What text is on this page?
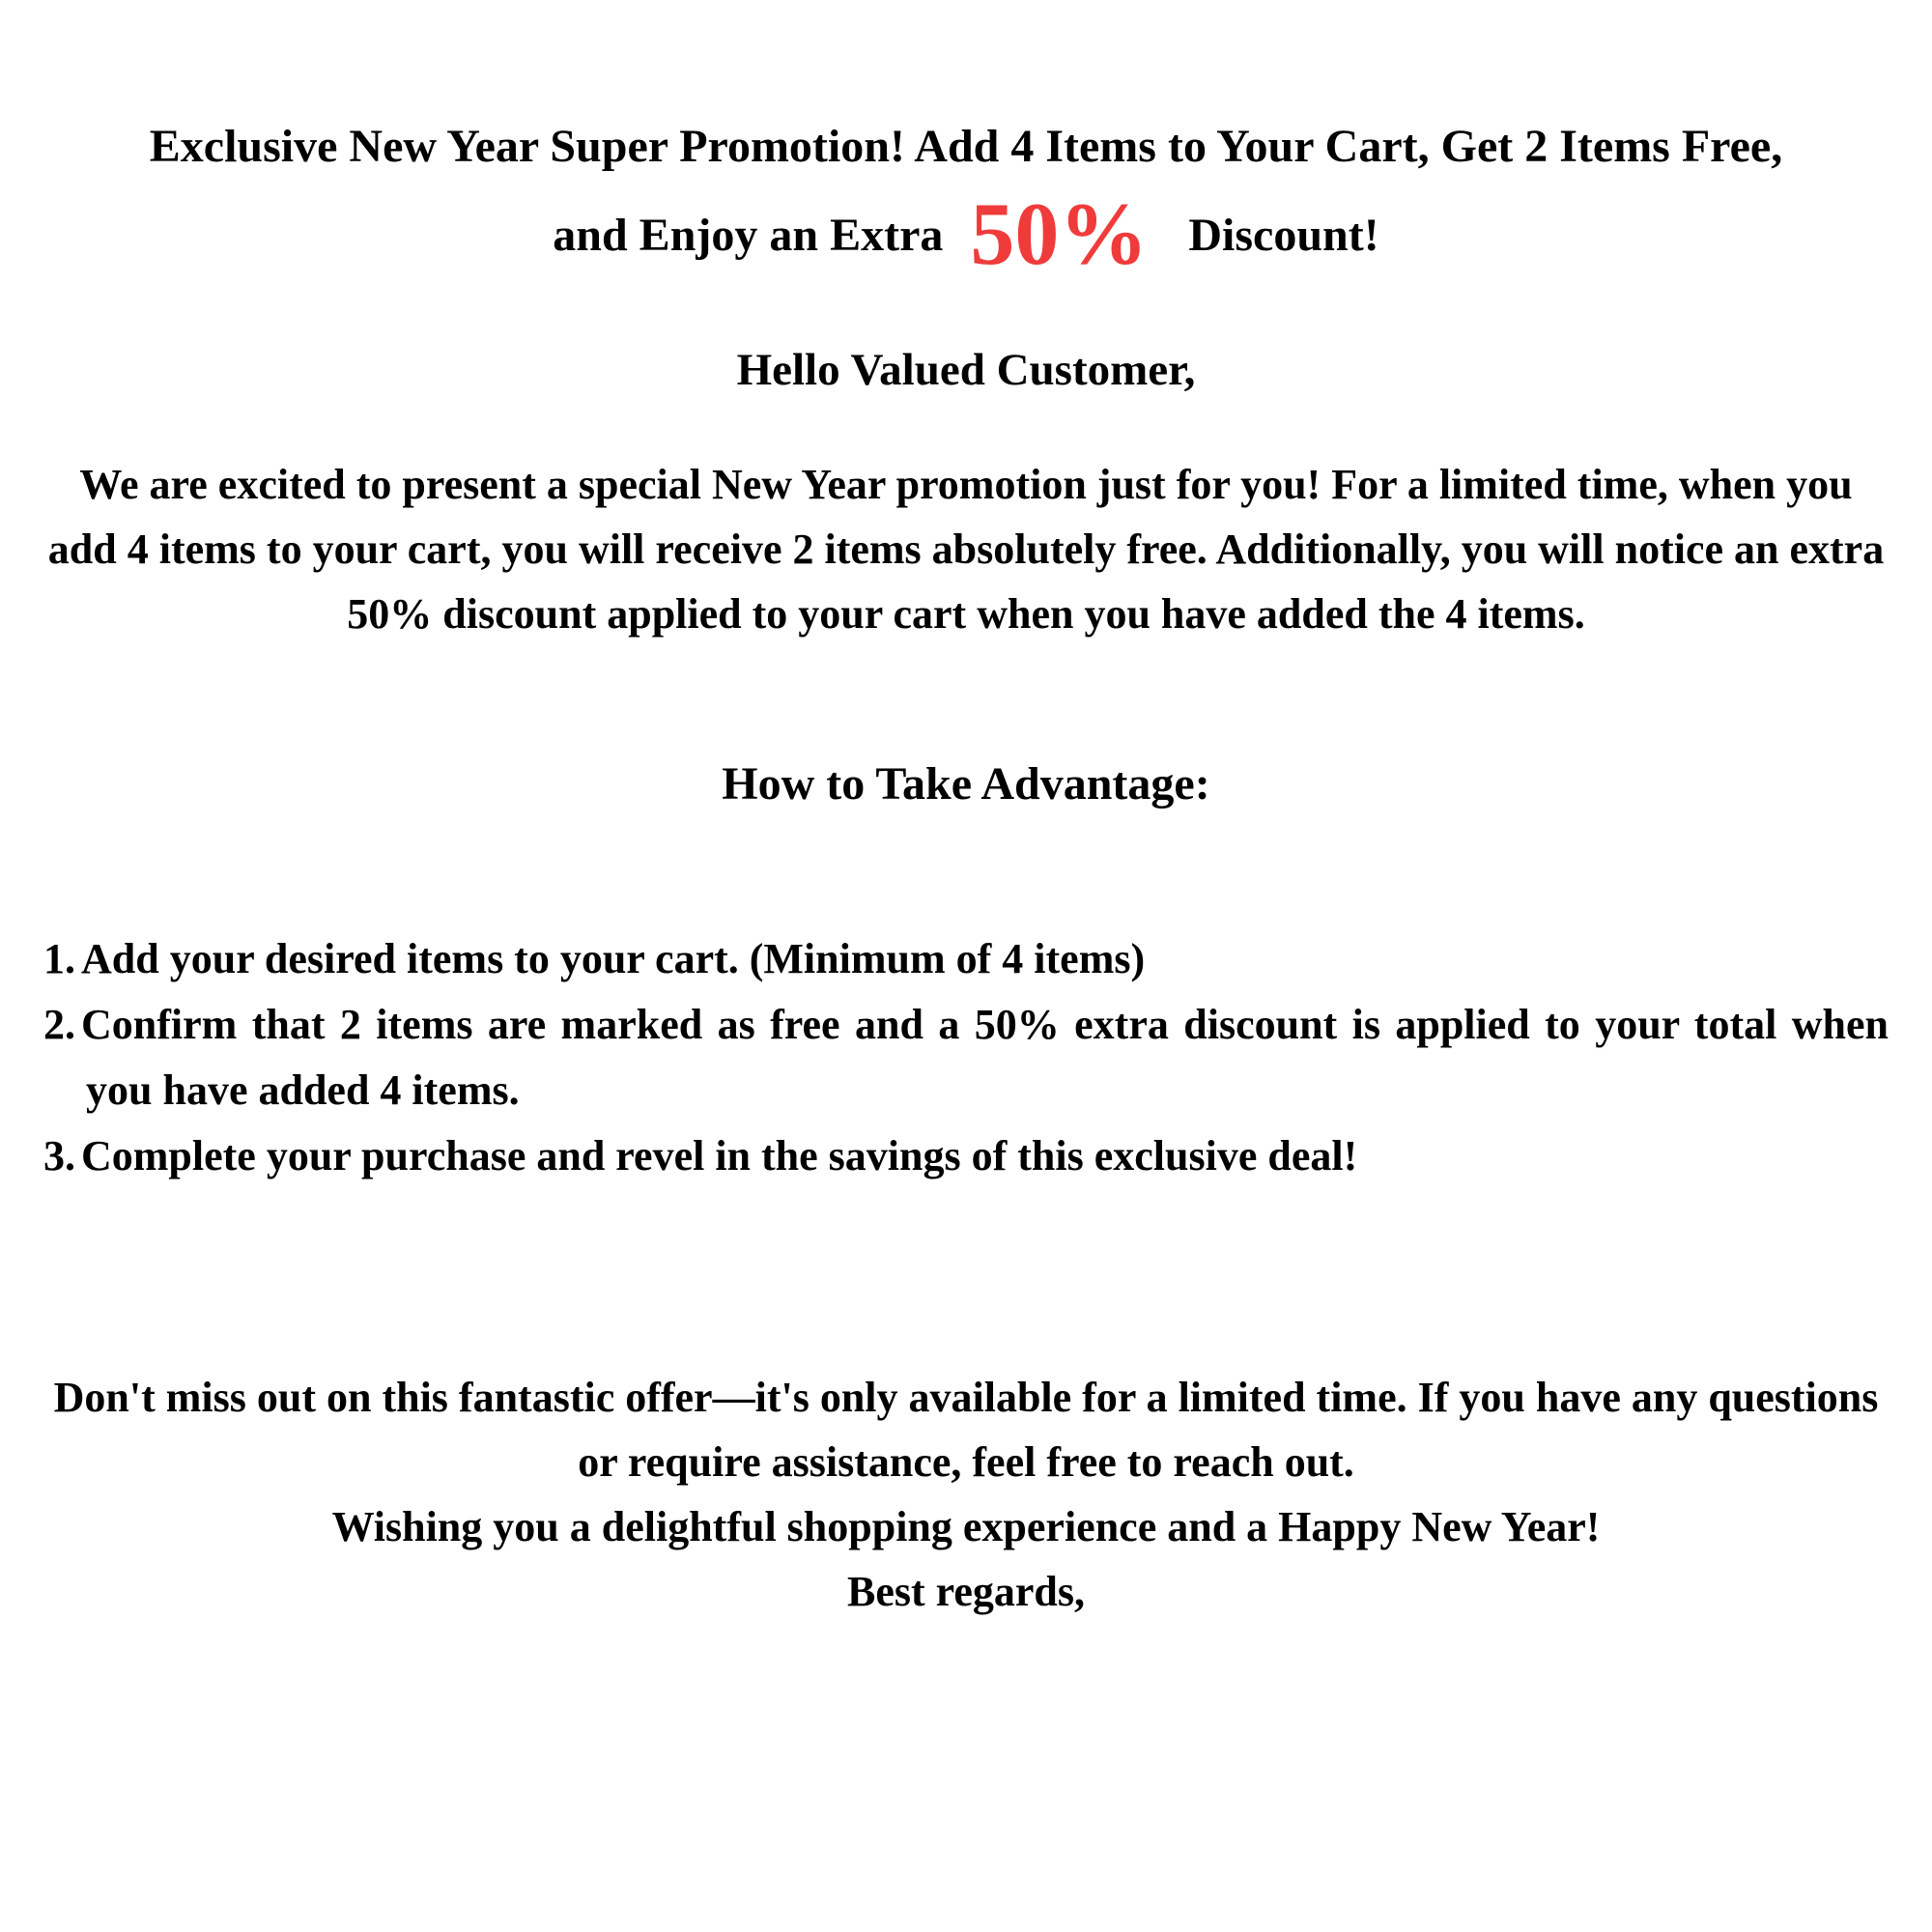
Exclusive New Year Super Promotion! Add 4 Items to Your Cart, Get 2 Items Free,
and Enjoy an Extra 50% Discount!

Hello Valued Customer,

We are excited to present a special New Year promotion just for you! For a limited time, when you add 4 items to your cart, you will receive 2 items absolutely free. Additionally, you will notice an extra 50% discount applied to your cart when you have added the 4 items.

How to Take Advantage:
Add your desired items to your cart. (Minimum of 4 items)
Confirm that 2 items are marked as free and a 50% extra discount is applied to your total when you have added 4 items.
Complete your purchase and revel in the savings of this exclusive deal!

Don't miss out on this fantastic offer—it's only available for a limited time. If you have any questions or require assistance, feel free to reach out.

Wishing you a delightful shopping experience and a Happy New Year!

Best regards,
